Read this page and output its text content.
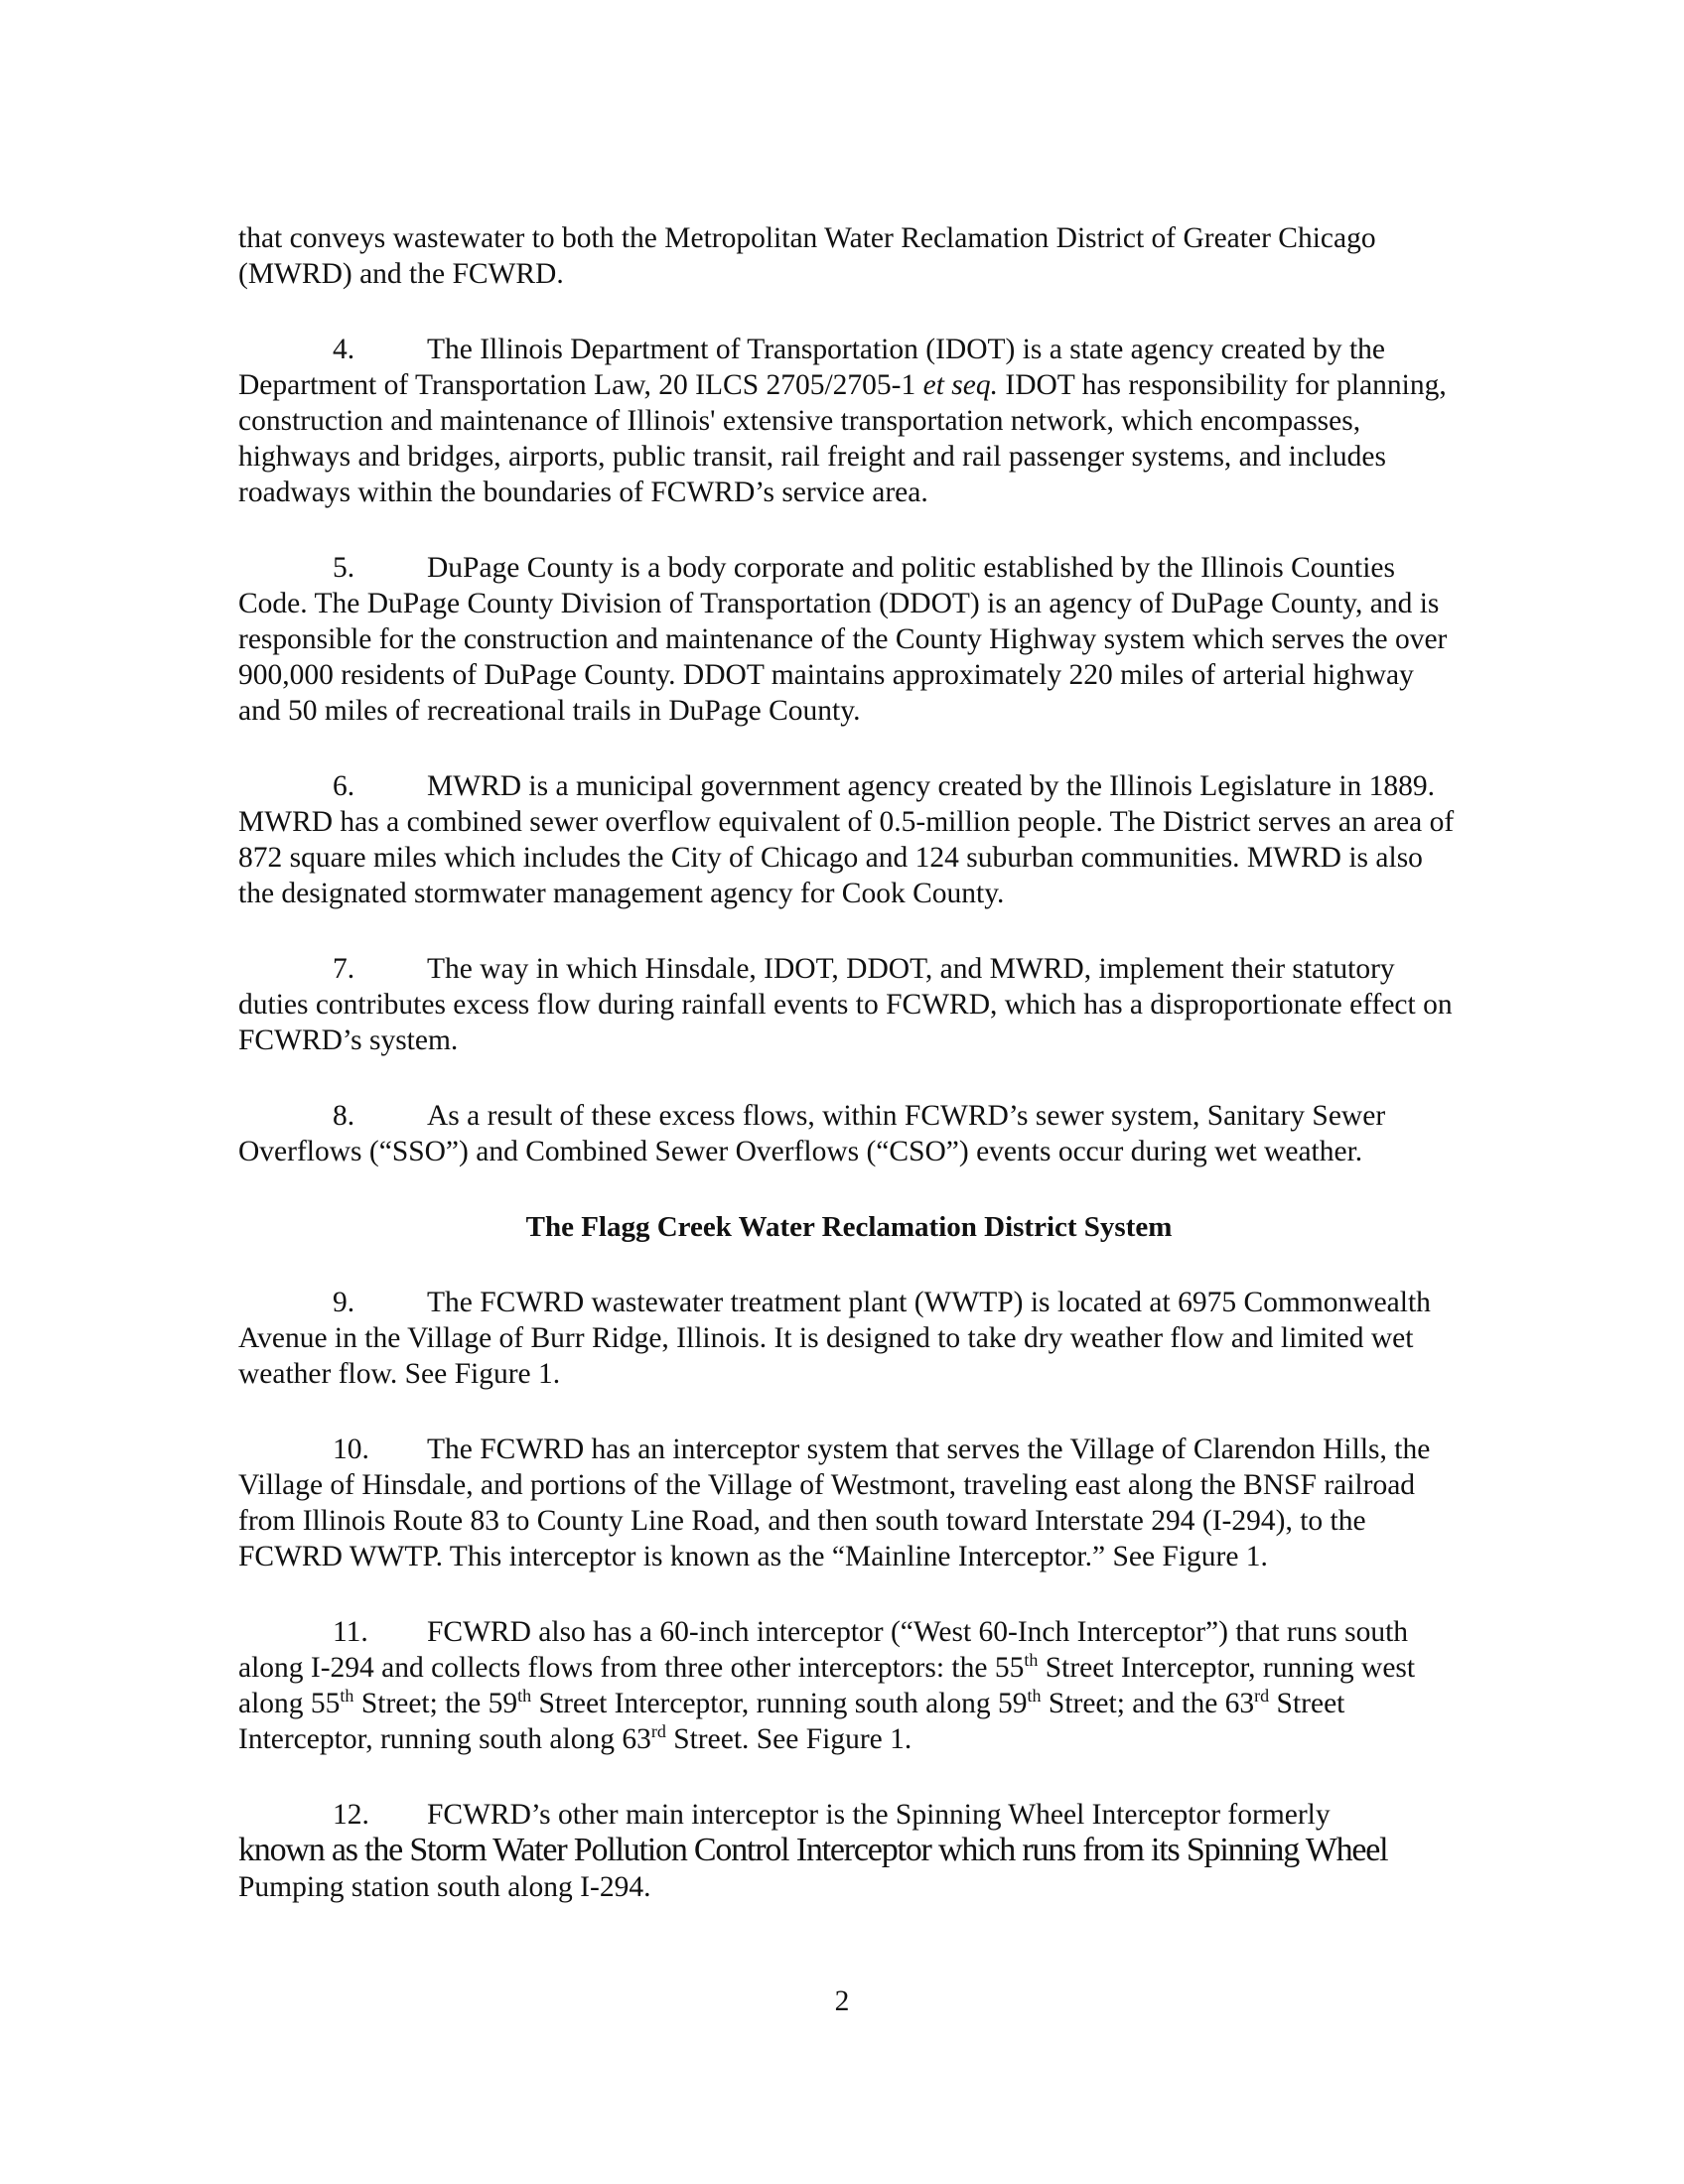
that conveys wastewater to both the Metropolitan Water Reclamation District of Greater Chicago (MWRD) and the FCWRD.

4. The Illinois Department of Transportation (IDOT) is a state agency created by the Department of Transportation Law, 20 ILCS 2705/2705-1 et seq. IDOT has responsibility for planning, construction and maintenance of Illinois' extensive transportation network, which encompasses, highways and bridges, airports, public transit, rail freight and rail passenger systems, and includes roadways within the boundaries of FCWRD’s service area.

5. DuPage County is a body corporate and politic established by the Illinois Counties Code. The DuPage County Division of Transportation (DDOT) is an agency of DuPage County, and is responsible for the construction and maintenance of the County Highway system which serves the over 900,000 residents of DuPage County. DDOT maintains approximately 220 miles of arterial highway and 50 miles of recreational trails in DuPage County.

6. MWRD is a municipal government agency created by the Illinois Legislature in 1889. MWRD has a combined sewer overflow equivalent of 0.5-million people. The District serves an area of 872 square miles which includes the City of Chicago and 124 suburban communities. MWRD is also the designated stormwater management agency for Cook County.

7. The way in which Hinsdale, IDOT, DDOT, and MWRD, implement their statutory duties contributes excess flow during rainfall events to FCWRD, which has a disproportionate effect on FCWRD’s system.

8. As a result of these excess flows, within FCWRD’s sewer system, Sanitary Sewer Overflows (“SSO”) and Combined Sewer Overflows (“CSO”) events occur during wet weather.

The Flagg Creek Water Reclamation District System

9. The FCWRD wastewater treatment plant (WWTP) is located at 6975 Commonwealth Avenue in the Village of Burr Ridge, Illinois. It is designed to take dry weather flow and limited wet weather flow. See Figure 1.

10. The FCWRD has an interceptor system that serves the Village of Clarendon Hills, the Village of Hinsdale, and portions of the Village of Westmont, traveling east along the BNSF railroad from Illinois Route 83 to County Line Road, and then south toward Interstate 294 (I-294), to the FCWRD WWTP. This interceptor is known as the “Mainline Interceptor.” See Figure 1.

11. FCWRD also has a 60-inch interceptor (“West 60-Inch Interceptor”) that runs south along I-294 and collects flows from three other interceptors: the 55th Street Interceptor, running west along 55th Street; the 59th Street Interceptor, running south along 59th Street; and the 63rd Street Interceptor, running south along 63rd Street. See Figure 1.

12. FCWRD’s other main interceptor is the Spinning Wheel Interceptor formerly
known as the Storm Water Pollution Control Interceptor which runs from its Spinning Wheel
Pumping station south along I-294.

2
